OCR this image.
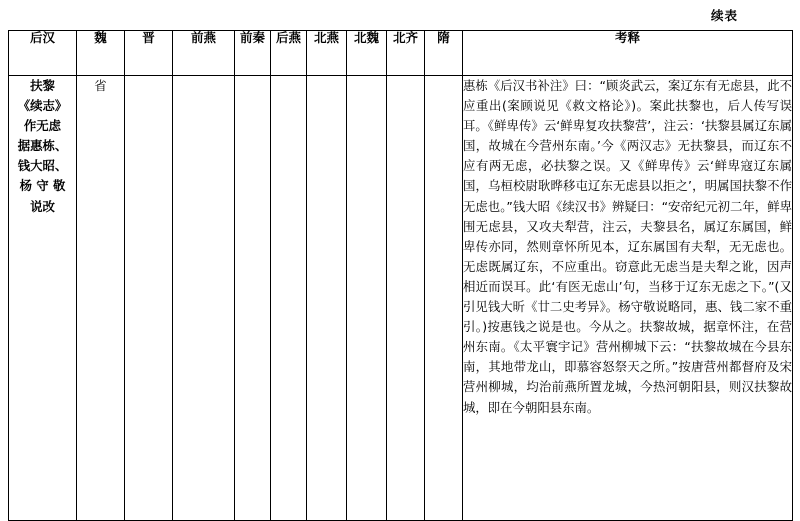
续表
后汉	魏	晋	前燕	前秦	后燕	北燕	北魏	北齐	隋	考释

扶黎
《续志》
作无虑
据惠栋、
钱大昭、
杨 守 敬
说改
	省									惠栋《后汉书补注》曰：“顾炎武云，案辽东有无虑县，此不应重出(案顾说见《救文格论》)。案此扶黎也，后人传写误耳。《鲜卑传》云‘鲜卑复攻扶黎营’，注云：‘扶黎县属辽东属国，故城在今营州东南。’今《两汉志》无扶黎县，而辽东不应有两无虑，必扶黎之误。又《鲜卑传》云‘鲜卑寇辽东属国，乌桓校尉耿晔移屯辽东无虑县以拒之’，明属国扶黎不作无虑也。”钱大昭《续汉书》辨疑曰：“安帝纪元初二年，鲜卑围无虑县，又攻夫犁营，注云，夫黎县名，属辽东属国，鲜卑传亦同，然则章怀所见本，辽东属国有夫犁，无无虑也。无虑既属辽东，不应重出。窃意此无虑当是夫犁之讹，因声相近而误耳。此‘有医无虑山’句，当移于辽东无虑之下。”(又引见钱大昕《廿二史考异》。杨守敬说略同，惠、钱二家不重引。)按惠钱之说是也。今从之。扶黎故城，据章怀注，在营州东南。《太平寰宇记》营州柳城下云：“扶黎故城在今县东南，其地带龙山，即慕容怒祭天之所。”按唐营州都督府及宋营州柳城，均治前燕所置龙城，今热河朝阳县，则汉扶黎故城，即在今朝阳县东南。
